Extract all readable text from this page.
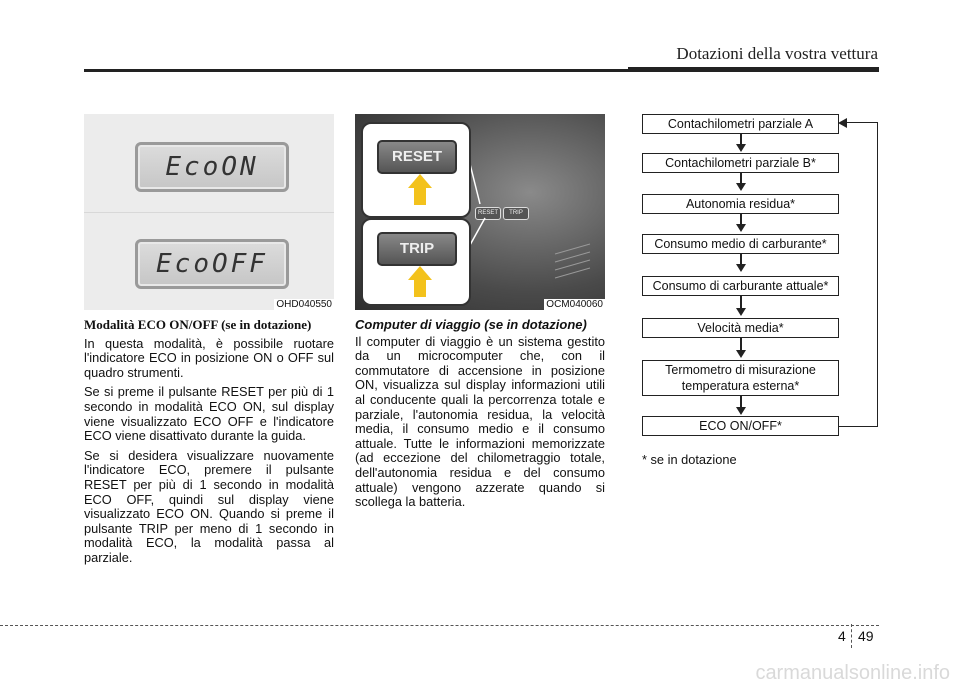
Dotazioni della vostra vettura
EcoON
EcoOFF
OHD040550
RESET	TRIP
RESET
TRIP
OCM040060

Modalità ECO ON/OFF (se in dotazione)

In questa modalità, è possibile ruotare l'indicatore ECO in posizione ON o OFF sul quadro strumenti.

Se si preme il pulsante RESET per più di 1 secondo in modalità ECO ON, sul display viene visualizzato ECO OFF e l'indicatore ECO viene disattivato durante la guida.

Se si desidera visualizzare nuovamente l'indicatore ECO, premere il pulsante RESET per più di 1 secondo in modalità ECO OFF, quindi sul display viene visualizzato ECO ON. Quando si preme il pulsante TRIP per meno di 1 secondo in modalità ECO, la modalità passa al parziale.

Computer di viaggio (se in dotazione)

Il computer di viaggio è un sistema gestito da un microcomputer che, con il commutatore di accensione in posizione ON, visualizza sul display informazioni utili al conducente quali la percorrenza totale e parziale, l'autonomia residua, la velocità media, il consumo medio e il consumo attuale. Tutte le informazioni memorizzate (ad eccezione del chilometraggio totale, dell'autonomia residua e del consumo attuale) vengono azzerate quando si scollega la batteria.

Contachilometri parziale A
Contachilometri parziale B*
Autonomia residua*
Consumo medio di carburante*
Consumo di carburante attuale*
Velocità media*
Termometro di misurazione temperatura esterna*
ECO ON/OFF*
* se in dotazione
4 49
carmanualsonline.info
